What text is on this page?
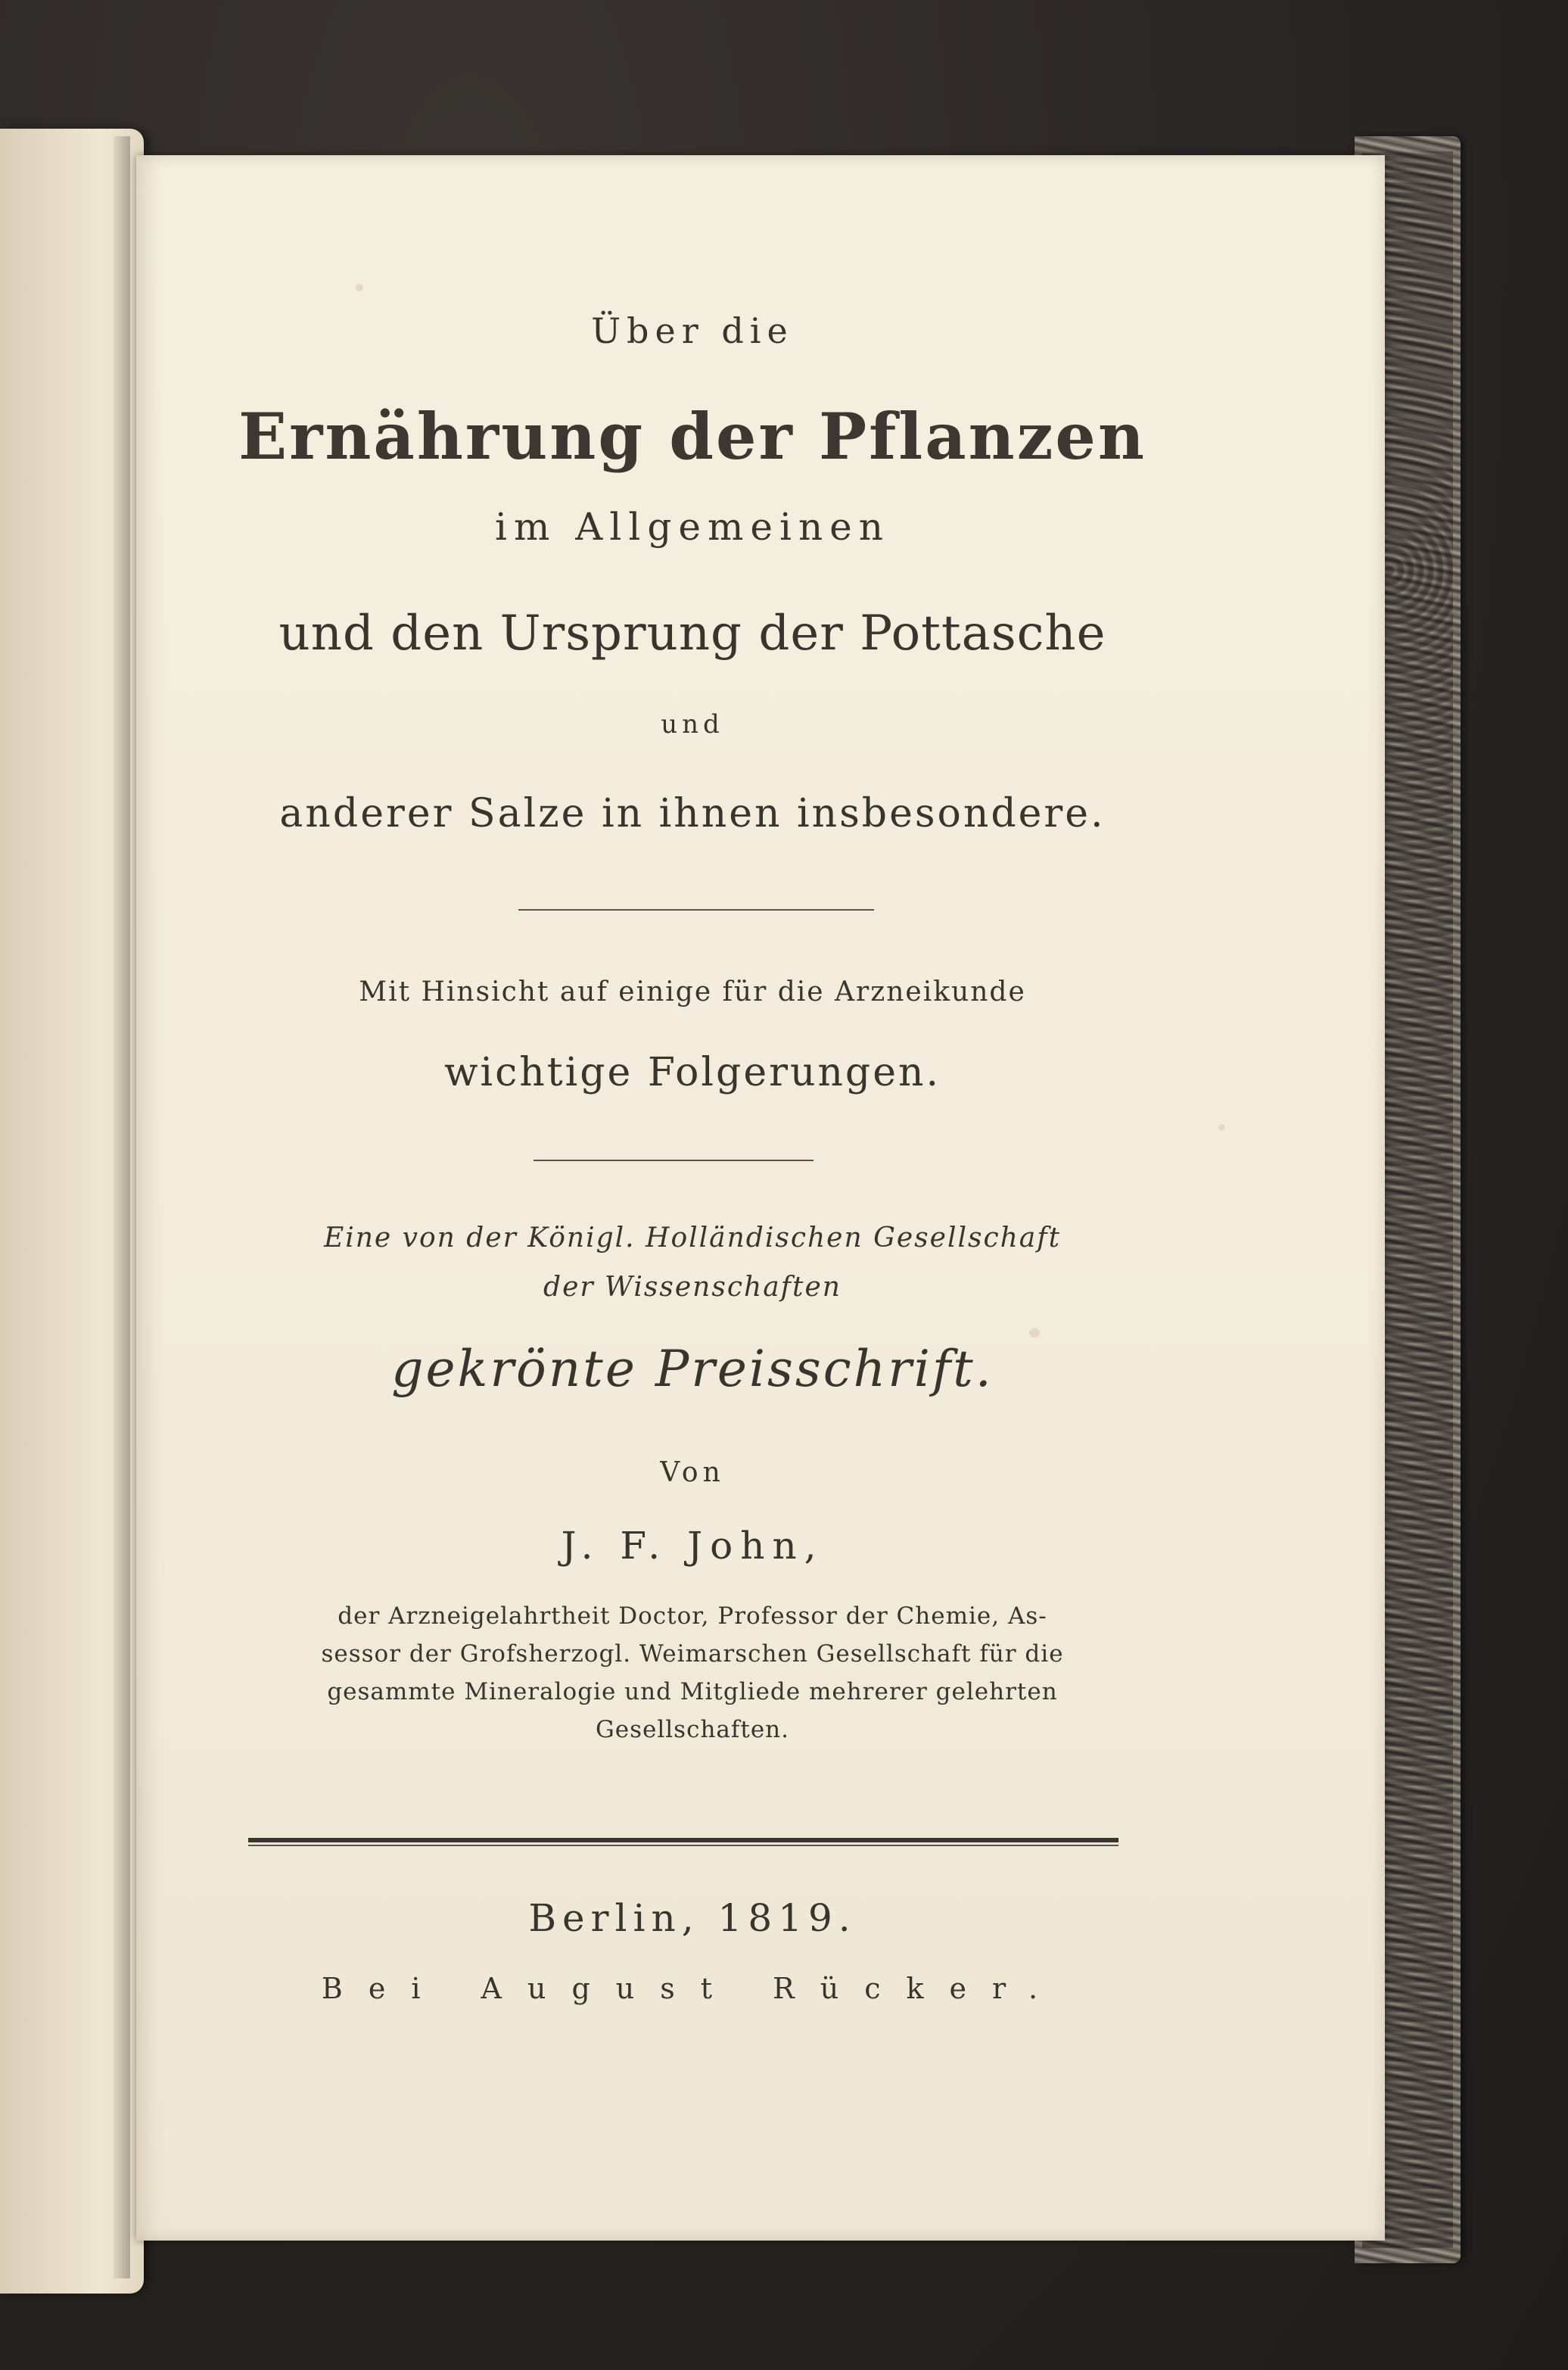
Über die
Ernährung der Pflanzen
im Allgemeinen
und den Ursprung der Pottasche
und
anderer Salze in ihnen insbesondere.
Mit Hinsicht auf einige für die Arzneikunde
wichtige Folgerungen.
Eine von der Königl. Holländischen Gesellschaft
der Wissenschaften
gekrönte Preisschrift.
Von
J. F. John,
der Arzneigelahrtheit Doctor, Professor der Chemie, As-
sessor der Grofsherzogl. Weimarschen Gesellschaft für die
gesammte Mineralogie und Mitgliede mehrerer gelehrten
Gesellschaften.
Berlin, 1819.
Bei August Rücker.
